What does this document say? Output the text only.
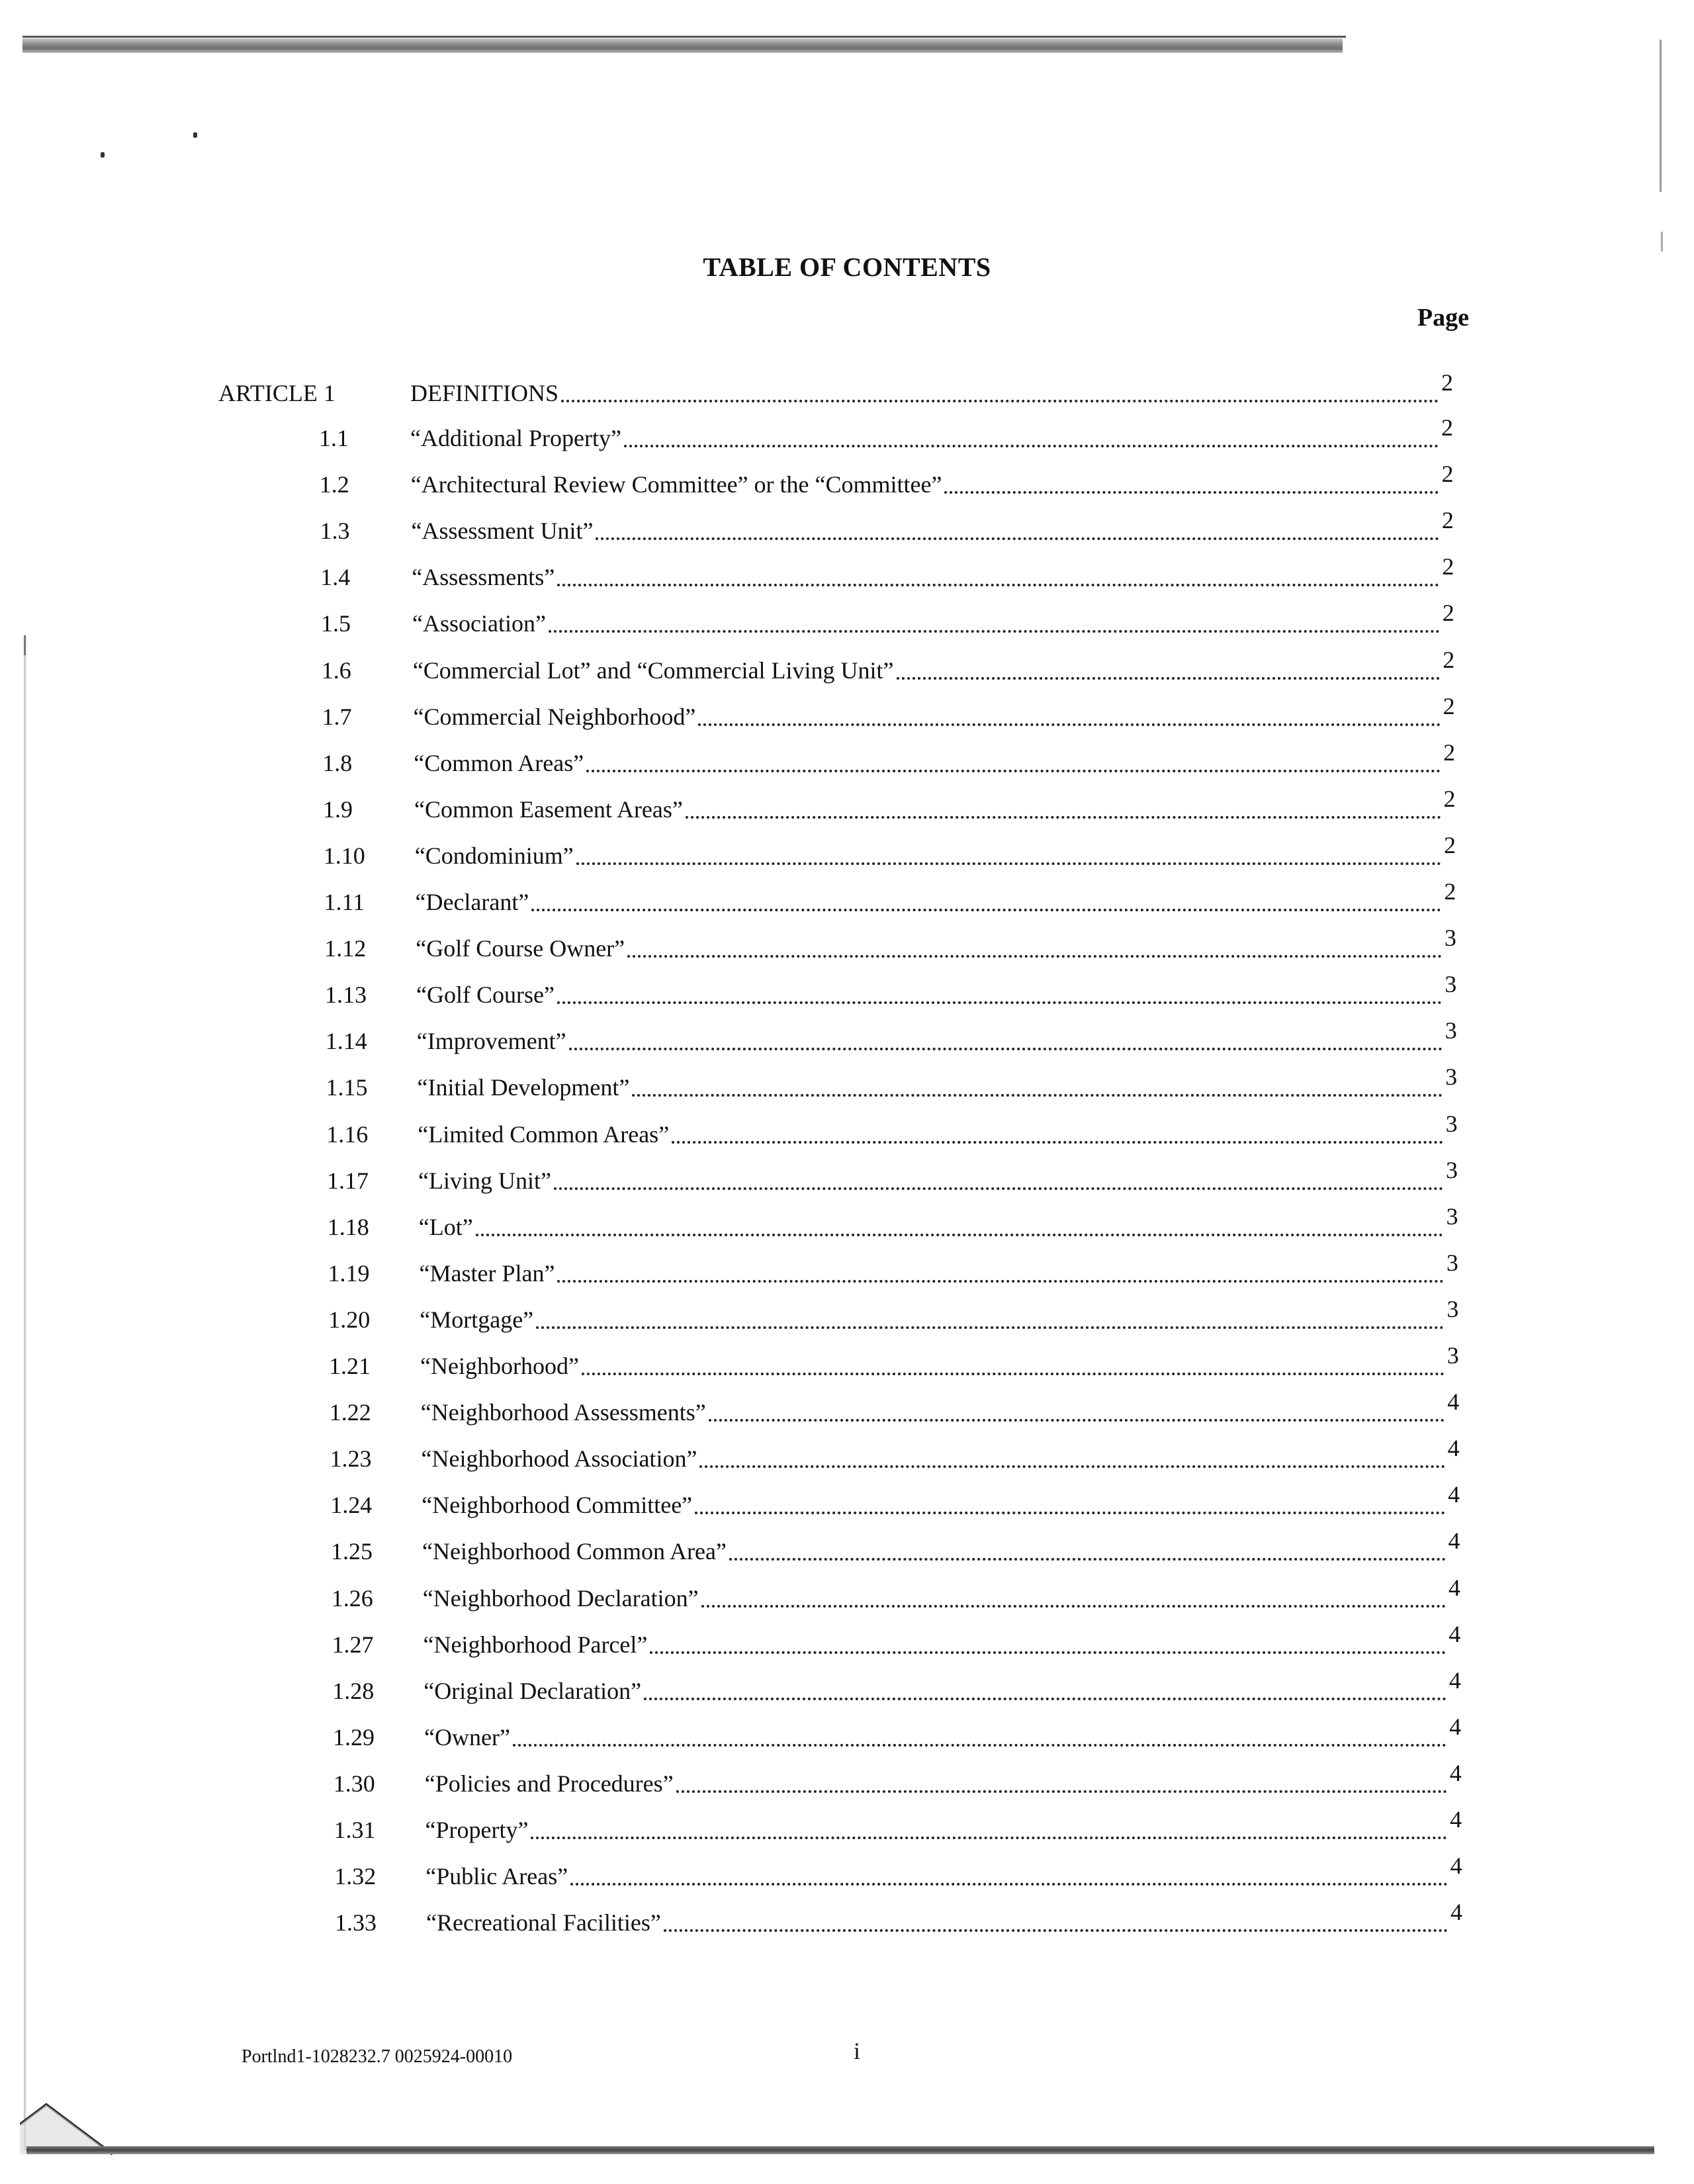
TABLE OF CONTENTS
Page
ARTICLE 1	DEFINITIONS	2
1.1	“Additional Property”	2
1.2	“Architectural Review Committee” or the “Committee”	2
1.3	“Assessment Unit”	2
1.4	“Assessments”	2
1.5	“Association”	2
1.6	“Commercial Lot” and “Commercial Living Unit”	2
1.7	“Commercial Neighborhood”	2
1.8	“Common Areas”	2
1.9	“Common Easement Areas”	2
1.10 “Condominium”	2
1.11 “Declarant”	2
1.12 “Golf Course Owner”	3
1.13 “Golf Course”	3
1.14 “Improvement”	3
1.15 “Initial Development”	3
1.16 “Limited Common Areas”	3
1.17 “Living Unit”	3
1.18 “Lot”	3
1.19 “Master Plan”	3
1.20 “Mortgage”	3
1.21 “Neighborhood”	3
1.22 “Neighborhood Assessments”	4
1.23 “Neighborhood Association”	4
1.24 “Neighborhood Committee”	4
1.25 “Neighborhood Common Area”	4
1.26 “Neighborhood Declaration”	4
1.27 “Neighborhood Parcel”	4
1.28 “Original Declaration”	4
1.29 “Owner”	4
1.30 “Policies and Procedures”	4
1.31 “Property”	4
1.32 “Public Areas”	4
1.33 “Recreational Facilities”	4
Portlnd1-1028232.7 0025924-00010	i
